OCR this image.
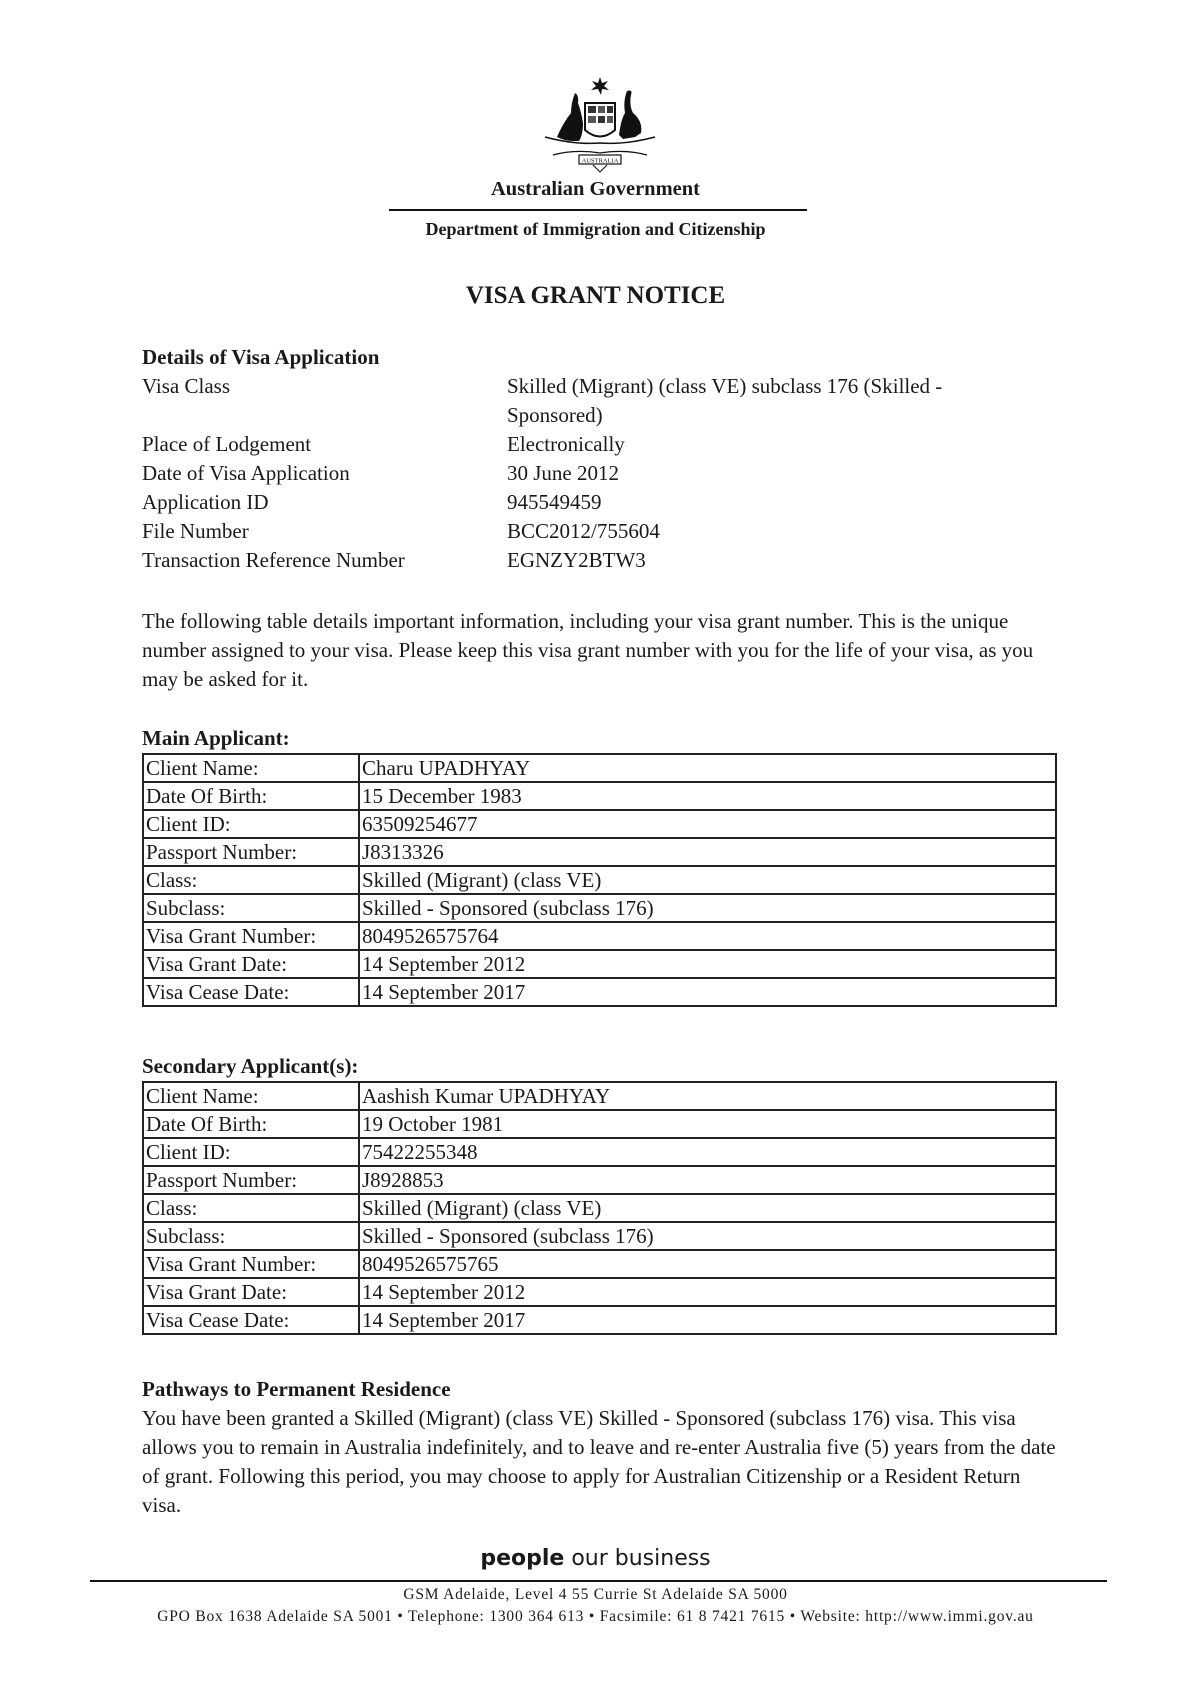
AUSTRALIA
Australian Government
Department of Immigration and Citizenship
VISA GRANT NOTICE
Details of Visa Application
Visa Class	Skilled (Migrant) (class VE) subclass 176 (Skilled - Sponsored)
Place of Lodgement	Electronically
Date of Visa Application	30 June 2012
Application ID	945549459
File Number	BCC2012/755604
Transaction Reference Number	EGNZY2BTW3
The following table details important information, including your visa grant number. This is the unique number assigned to your visa. Please keep this visa grant number with you for the life of your visa, as you may be asked for it.
Main Applicant:
Client Name:	Charu UPADHYAY
Date Of Birth:	15 December 1983
Client ID:	63509254677
Passport Number:	J8313326
Class:	Skilled (Migrant) (class VE)
Subclass:	Skilled - Sponsored (subclass 176)
Visa Grant Number:	8049526575764
Visa Grant Date:	14 September 2012
Visa Cease Date:	14 September 2017
Secondary Applicant(s):
Client Name:	Aashish Kumar UPADHYAY
Date Of Birth:	19 October 1981
Client ID:	75422255348
Passport Number:	J8928853
Class:	Skilled (Migrant) (class VE)
Subclass:	Skilled - Sponsored (subclass 176)
Visa Grant Number:	8049526575765
Visa Grant Date:	14 September 2012
Visa Cease Date:	14 September 2017
Pathways to Permanent Residence
You have been granted a Skilled (Migrant) (class VE) Skilled - Sponsored (subclass 176) visa. This visa allows you to remain in Australia indefinitely, and to leave and re-enter Australia five (5) years from the date of grant. Following this period, you may choose to apply for Australian Citizenship or a Resident Return visa.
people our business
GSM Adelaide, Level 4 55 Currie St Adelaide SA 5000
GPO Box 1638 Adelaide SA 5001 • Telephone: 1300 364 613 • Facsimile: 61 8 7421 7615 • Website: http://www.immi.gov.au
